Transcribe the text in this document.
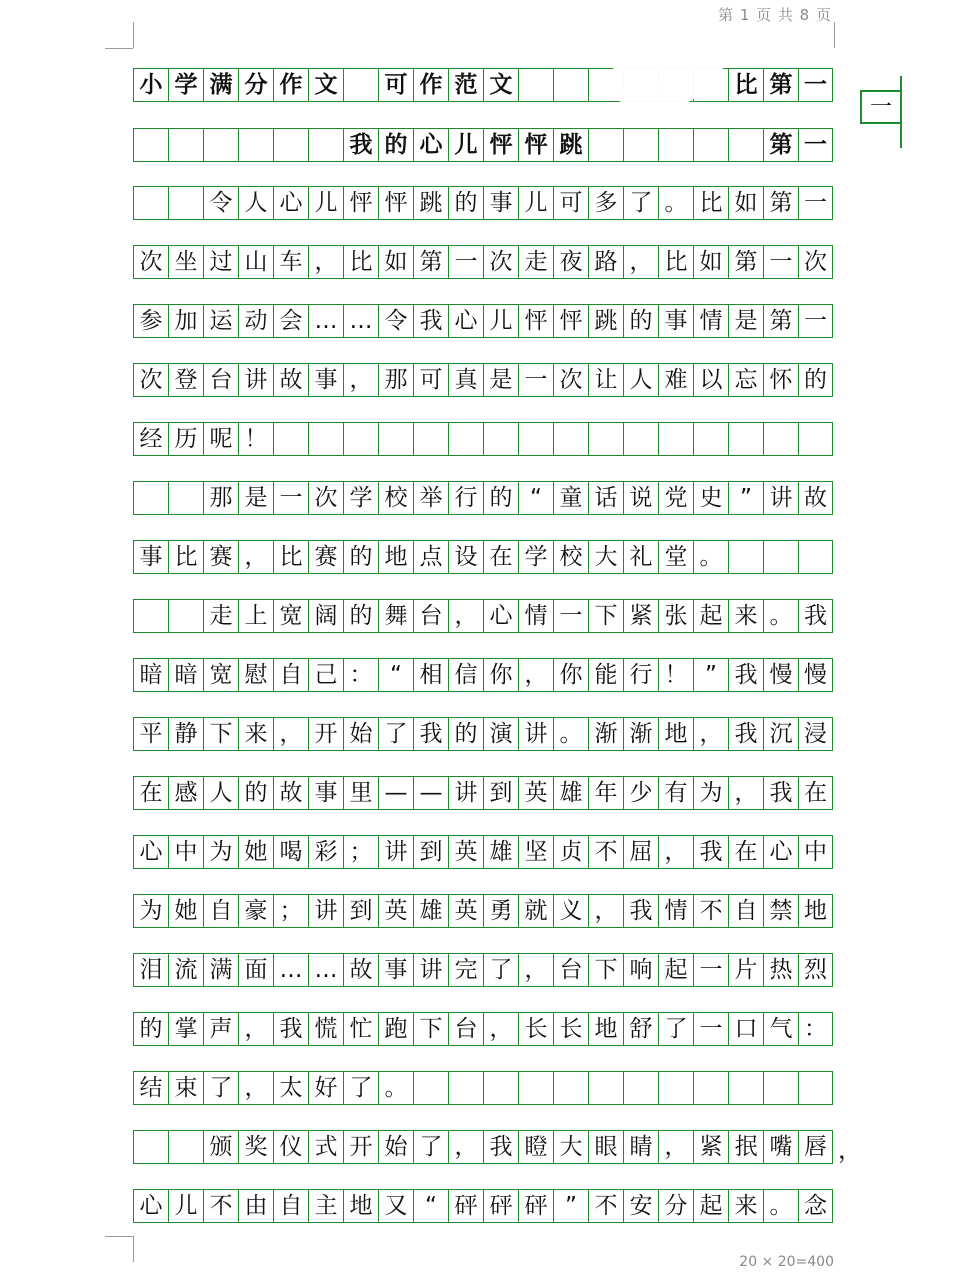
第 1 页 共 8 页
小 学 满 分 作 文 可 作 范 文	比 第 一
我 的 心 儿 怦 怦 跳	第 一
令 人 心 儿 怦 怦 跳 的 事 儿 可 多 了 。 比 如 第 一
次 坐 过 山 车 ， 比 如 第 一 次 走 夜 路 ， 比 如 第 一 次
参 加 运 动 会 … … 令 我 心 儿 怦 怦 跳 的 事 情 是 第 一
次 登 台 讲 故 事 ， 那 可 真 是 一 次 让 人 难 以 忘 怀 的
经 历 呢 ！
那 是 一 次 学 校 举 行 的 “ 童 话 说 党 史 ” 讲 故
事 比 赛 ， 比 赛 的 地 点 设 在 学 校 大 礼 堂 。
走 上 宽 阔 的 舞 台 ， 心 情 一 下 紧 张 起 来 。 我
暗 暗 宽 慰 自 己 ： “ 相 信 你 ， 你 能 行 ！ ” 我 慢 慢
平 静 下 来 ， 开 始 了 我 的 演 讲 。 渐 渐 地 ， 我 沉 浸
在 感 人 的 故 事 里 — — 讲 到 英 雄 年 少 有 为 ， 我 在
心 中 为 她 喝 彩 ； 讲 到 英 雄 坚 贞 不 屈 ， 我 在 心 中
为 她 自 豪 ； 讲 到 英 雄 英 勇 就 义 ， 我 情 不 自 禁 地
泪 流 满 面 … … 故 事 讲 完 了 ， 台 下 响 起 一 片 热 烈
的 掌 声 ， 我 慌 忙 跑 下 台 ， 长 长 地 舒 了 一 口 气 ：
结 束 了 ， 太 好 了 。
颁 奖 仪 式 开 始 了 ， 我 瞪 大 眼 睛 ， 紧 抿 嘴 唇
心 儿 不 由 自 主 地 又 “ 砰 砰 砰 ” 不 安 分 起 来 。 念
一
，
20 × 20=400
